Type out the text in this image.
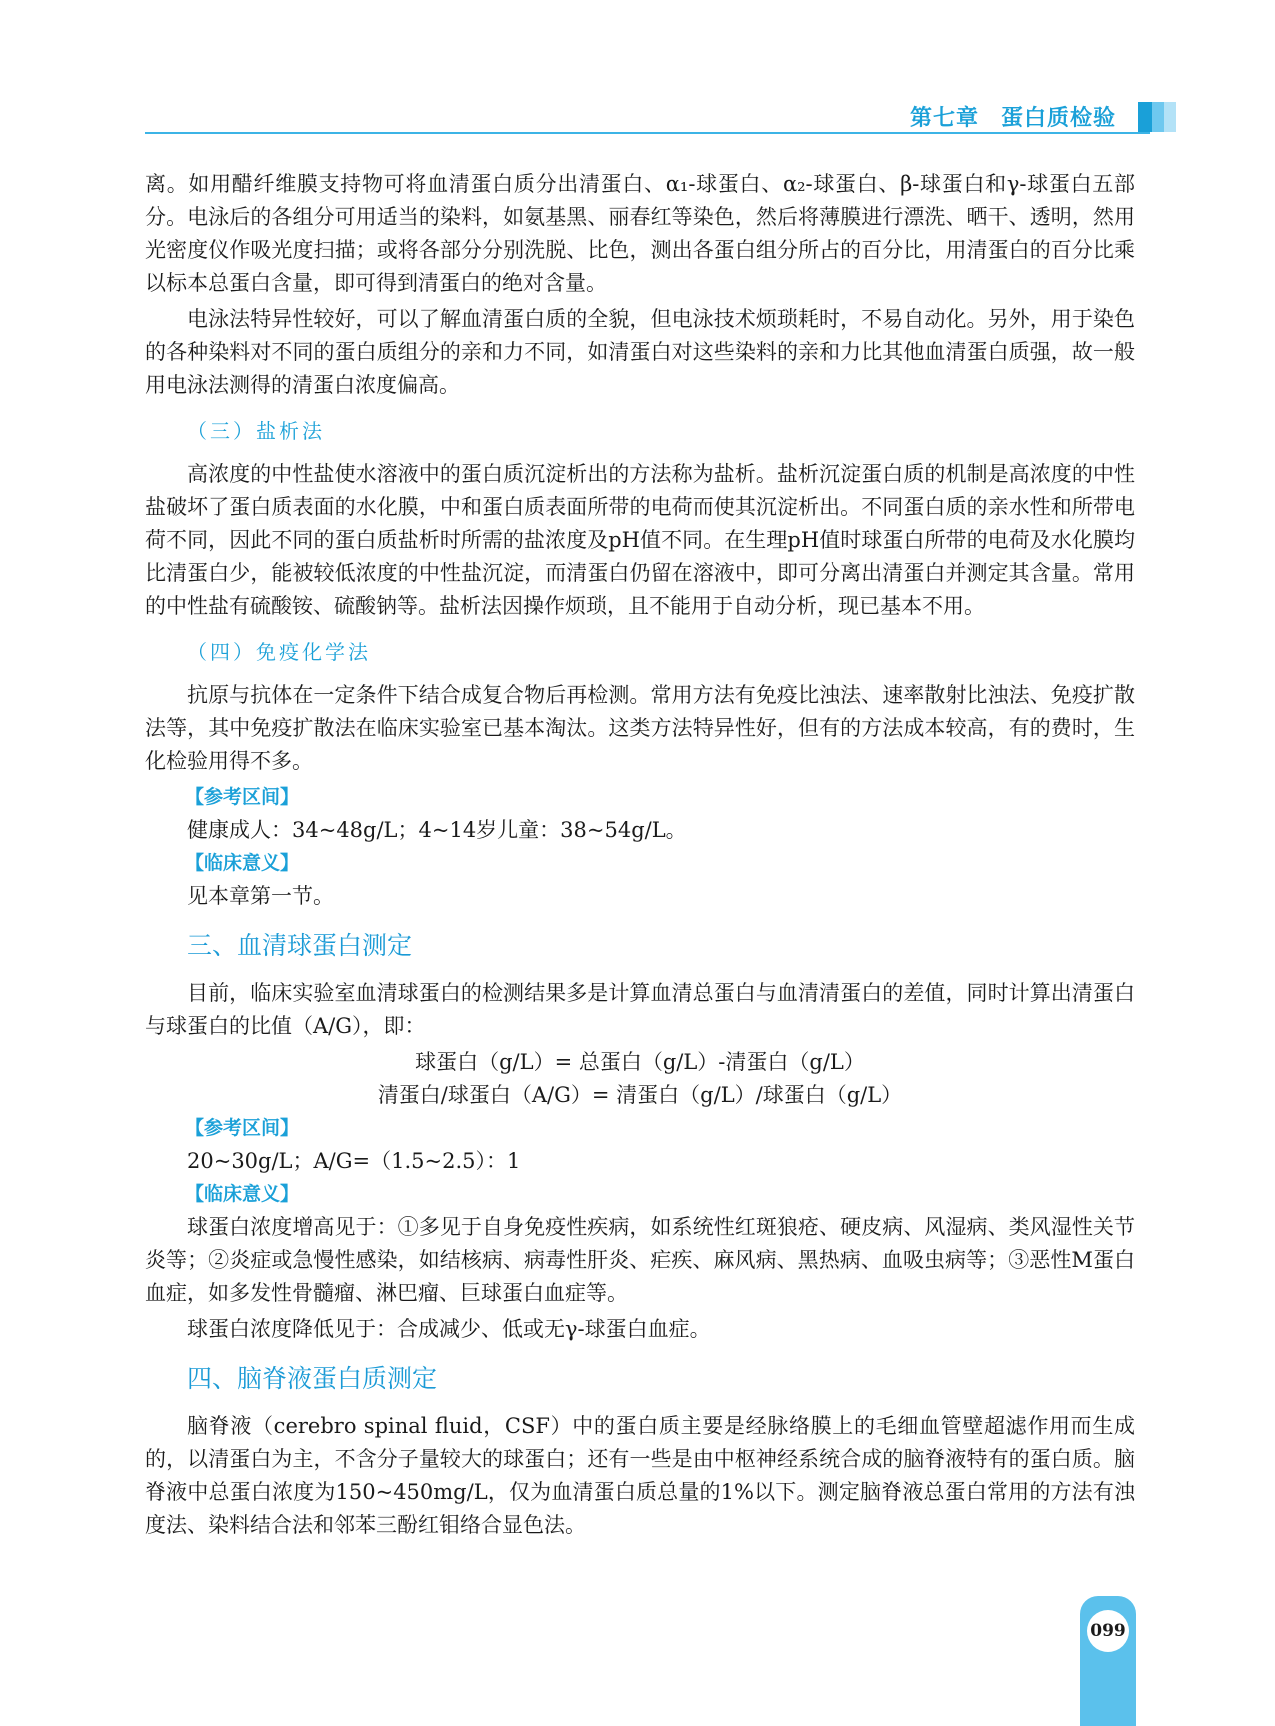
第七章 蛋白质检验

离。如用醋纤维膜支持物可将血清蛋白质分出清蛋白、α₁-球蛋白、α₂-球蛋白、β-球蛋白和γ-球蛋白五部分。电泳后的各组分可用适当的染料，如氨基黑、丽春红等染色，然后将薄膜进行漂洗、晒干、透明，然用光密度仪作吸光度扫描；或将各部分分别洗脱、比色，测出各蛋白组分所占的百分比，用清蛋白的百分比乘以标本总蛋白含量，即可得到清蛋白的绝对含量。

电泳法特异性较好，可以了解血清蛋白质的全貌，但电泳技术烦琐耗时，不易自动化。另外，用于染色的各种染料对不同的蛋白质组分的亲和力不同，如清蛋白对这些染料的亲和力比其他血清蛋白质强，故一般用电泳法测得的清蛋白浓度偏高。

（三）盐析法

高浓度的中性盐使水溶液中的蛋白质沉淀析出的方法称为盐析。盐析沉淀蛋白质的机制是高浓度的中性盐破坏了蛋白质表面的水化膜，中和蛋白质表面所带的电荷而使其沉淀析出。不同蛋白质的亲水性和所带电荷不同，因此不同的蛋白质盐析时所需的盐浓度及pH值不同。在生理pH值时球蛋白所带的电荷及水化膜均比清蛋白少，能被较低浓度的中性盐沉淀，而清蛋白仍留在溶液中，即可分离出清蛋白并测定其含量。常用的中性盐有硫酸铵、硫酸钠等。盐析法因操作烦琐，且不能用于自动分析，现已基本不用。

（四）免疫化学法

抗原与抗体在一定条件下结合成复合物后再检测。常用方法有免疫比浊法、速率散射比浊法、免疫扩散法等，其中免疫扩散法在临床实验室已基本淘汰。这类方法特异性好，但有的方法成本较高，有的费时，生化检验用得不多。

【参考区间】
健康成人：34~48g/L；4~14岁儿童：38~54g/L。
【临床意义】
见本章第一节。
三、血清球蛋白测定

目前，临床实验室血清球蛋白的检测结果多是计算血清总蛋白与血清清蛋白的差值，同时计算出清蛋白与球蛋白的比值（A/G），即：

球蛋白（g/L）= 总蛋白（g/L）-清蛋白（g/L）

清蛋白/球蛋白（A/G）= 清蛋白（g/L）/球蛋白（g/L）

【参考区间】
20~30g/L；A/G=（1.5~2.5）：1
【临床意义】

球蛋白浓度增高见于：①多见于自身免疫性疾病，如系统性红斑狼疮、硬皮病、风湿病、类风湿性关节炎等；②炎症或急慢性感染，如结核病、病毒性肝炎、疟疾、麻风病、黑热病、血吸虫病等；③恶性M蛋白血症，如多发性骨髓瘤、淋巴瘤、巨球蛋白血症等。

球蛋白浓度降低见于：合成减少、低或无γ-球蛋白血症。

四、脑脊液蛋白质测定

脑脊液（cerebro spinal fluid，CSF）中的蛋白质主要是经脉络膜上的毛细血管壁超滤作用而生成的，以清蛋白为主，不含分子量较大的球蛋白；还有一些是由中枢神经系统合成的脑脊液特有的蛋白质。脑脊液中总蛋白浓度为150~450mg/L，仅为血清蛋白质总量的1%以下。测定脑脊液总蛋白常用的方法有浊度法、染料结合法和邻苯三酚红钼络合显色法。

099
